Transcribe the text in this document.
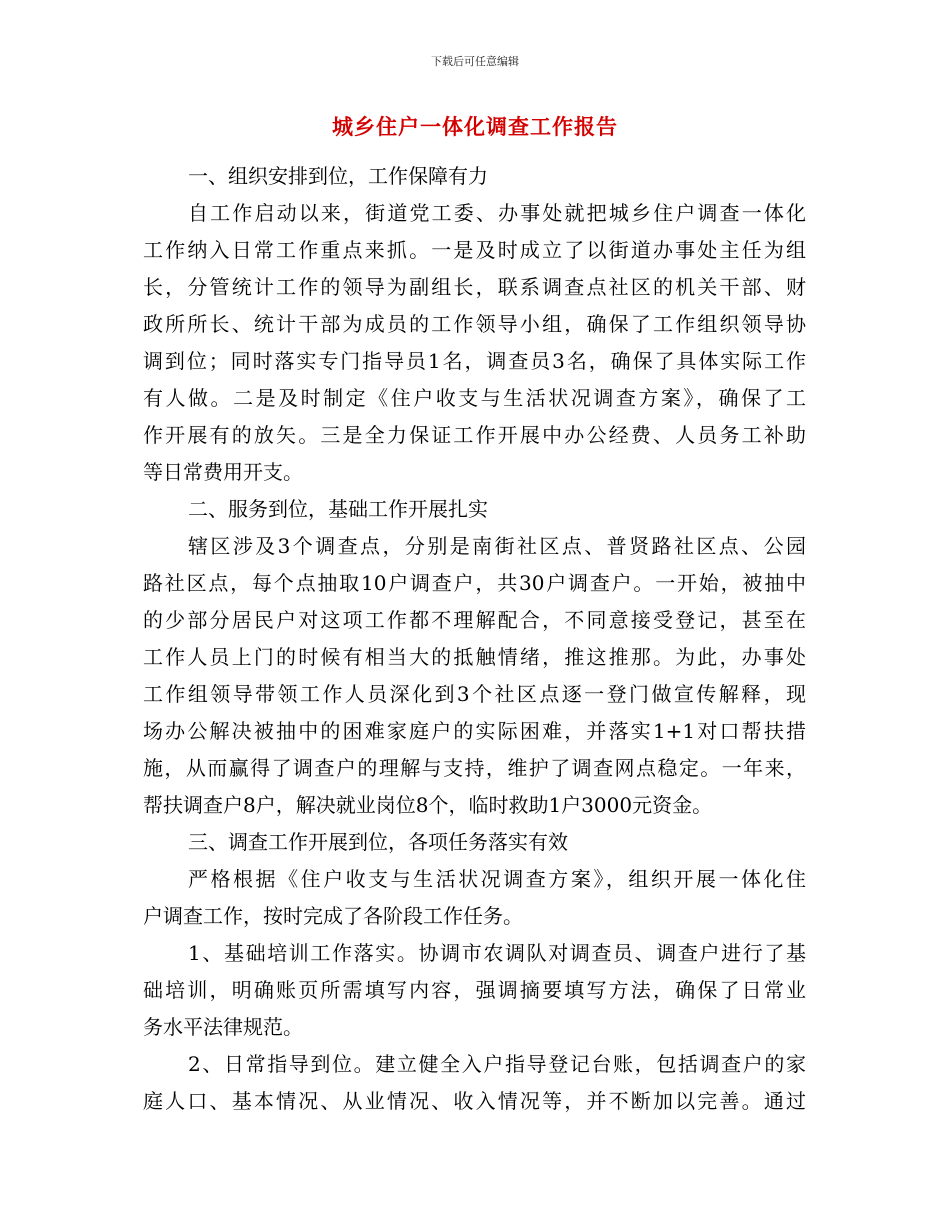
下载后可任意编辑
城乡住户一体化调查工作报告
一、组织安排到位，工作保障有力
自工作启动以来，街道党工委、办事处就把城乡住户调查一体化
工作纳入日常工作重点来抓。一是及时成立了以街道办事处主任为组
长，分管统计工作的领导为副组长，联系调查点社区的机关干部、财
政所所长、统计干部为成员的工作领导小组，确保了工作组织领导协
调到位；同时落实专门指导员1名，调查员3名，确保了具体实际工作
有人做。二是及时制定《住户收支与生活状况调查方案》，确保了工
作开展有的放矢。三是全力保证工作开展中办公经费、人员务工补助
等日常费用开支。
二、服务到位，基础工作开展扎实
辖区涉及3个调查点，分别是南街社区点、普贤路社区点、公园
路社区点，每个点抽取10户调查户，共30户调查户。一开始，被抽中
的少部分居民户对这项工作都不理解配合，不同意接受登记，甚至在
工作人员上门的时候有相当大的抵触情绪，推这推那。为此，办事处
工作组领导带领工作人员深化到3个社区点逐一登门做宣传解释，现
场办公解决被抽中的困难家庭户的实际困难，并落实1+1对口帮扶措
施，从而赢得了调查户的理解与支持，维护了调查网点稳定。一年来，
帮扶调查户8户，解决就业岗位8个，临时救助1户3000元资金。
三、调查工作开展到位，各项任务落实有效
严格根据《住户收支与生活状况调查方案》，组织开展一体化住
户调查工作，按时完成了各阶段工作任务。
1、基础培训工作落实。协调市农调队对调查员、调查户进行了基
础培训，明确账页所需填写内容，强调摘要填写方法，确保了日常业
务水平法律规范。
2、日常指导到位。建立健全入户指导登记台账，包括调查户的家
庭人口、基本情况、从业情况、收入情况等，并不断加以完善。通过
